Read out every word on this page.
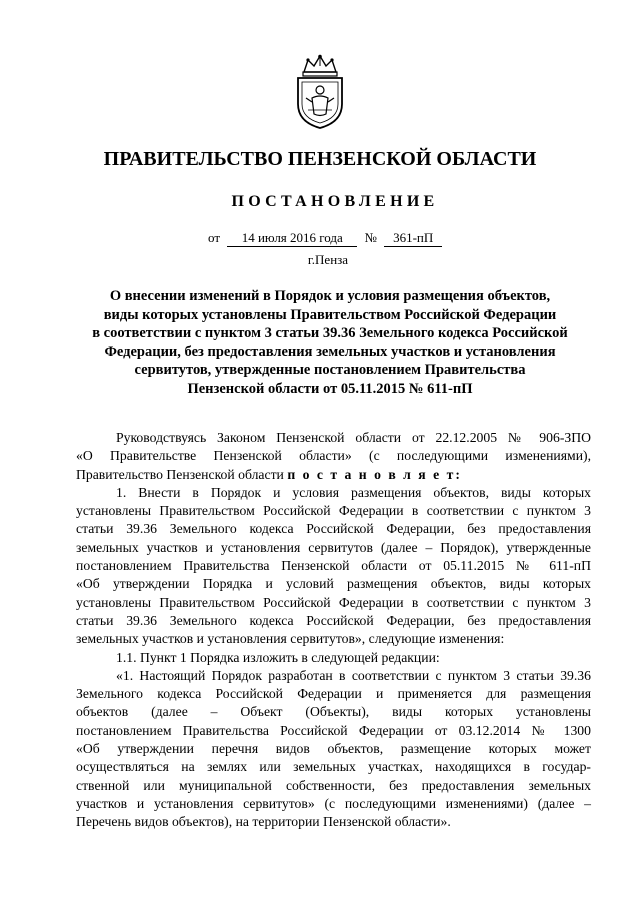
ПРАВИТЕЛЬСТВО ПЕНЗЕНСКОЙ ОБЛАСТИ
ПОСТАНОВЛЕНИЕ
от 14 июля 2016 года № 361-пП
г.Пенза
О внесении изменений в Порядок и условия размещения объектов,
виды которых установлены Правительством Российской Федерации
в соответствии с пунктом 3 статьи 39.36 Земельного кодекса Российской
Федерации, без предоставления земельных участков и установления
сервитутов, утвержденные постановлением Правительства
Пензенской области от 05.11.2015 № 611-пП

Руководствуясь Законом Пензенской области от 22.12.2005 № 906-ЗПО

«О Правительстве Пензенской области» (с последующими изменениями),

Правительство Пензенской области п о с т а н о в л я е т:

1. Внести в Порядок и условия размещения объектов, виды которых

установлены Правительством Российской Федерации в соответствии с пунктом 3

статьи 39.36 Земельного кодекса Российской Федерации, без предоставления

земельных участков и установления сервитутов (далее – Порядок), утвержденные

постановлением Правительства Пензенской области от 05.11.2015 № 611-пП

«Об утверждении Порядка и условий размещения объектов, виды которых

установлены Правительством Российской Федерации в соответствии с пунктом 3

статьи 39.36 Земельного кодекса Российской Федерации, без предоставления

земельных участков и установления сервитутов», следующие изменения:

1.1. Пункт 1 Порядка изложить в следующей редакции:

«1. Настоящий Порядок разработан в соответствии с пунктом 3 статьи 39.36

Земельного кодекса Российской Федерации и применяется для размещения

объектов (далее – Объект (Объекты), виды которых установлены

постановлением Правительства Российской Федерации от 03.12.2014 № 1300

«Об утверждении перечня видов объектов, размещение которых может

осуществляться на землях или земельных участках, находящихся в государ-

ственной или муниципальной собственности, без предоставления земельных

участков и установления сервитутов» (с последующими изменениями) (далее –

Перечень видов объектов), на территории Пензенской области».
